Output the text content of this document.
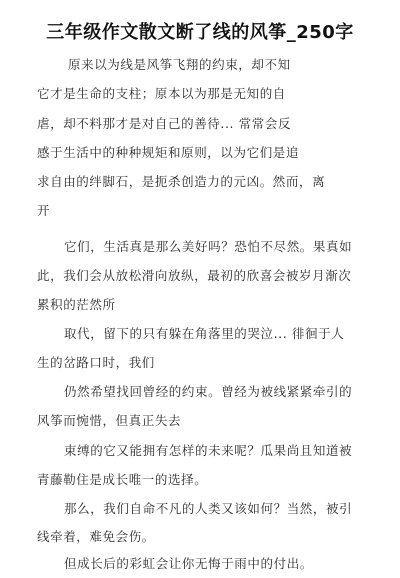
三年级作文散文断了线的风筝_250字
原来以为线是风筝飞翔的约束，却不知
它才是生命的支柱；原本以为那是无知的自
虐，却不料那才是对自己的善待... 常常会反
感于生活中的种种规矩和原则，以为它们是追
求自由的绊脚石，是扼杀创造力的元凶。然而，离
开
它们，生活真是那么美好吗？恐怕不尽然。果真如
此，我们会从放松滑向放纵，最初的欣喜会被岁月渐次
累积的茫然所
取代，留下的只有躲在角落里的哭泣... 徘徊于人
生的岔路口时，我们
仍然希望找回曾经的约束。曾经为被线紧紧牵引的
风筝而惋惜，但真正失去
束缚的它又能拥有怎样的未来呢？瓜果尚且知道被
青藤勒住是成长唯一的选择。
那么，我们自命不凡的人类又该如何？当然，被引
线牵着，难免会伤。
但成长后的彩虹会让你无悔于雨中的付出。
